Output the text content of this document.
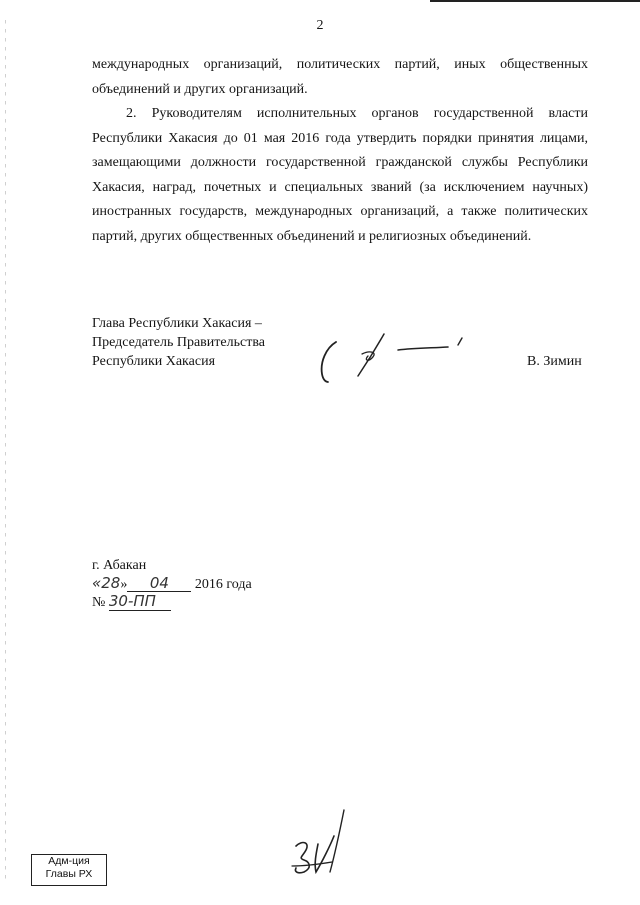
2

международных организаций, политических партий, иных общественных объединений и других организаций.

2. Руководителям исполнительных органов государственной власти Республики Хакасия до 01 мая 2016 года утвердить порядки принятия лицами, замещающими должности государственной гражданской службы Республики Хакасия, наград, почетных и специальных званий (за исключением научных) иностранных государств, международных организаций, а также политических партий, других общественных объединений и религиозных объединений.

Глава Республики Хакасия –
Председатель Правительства
Республики Хакасия	В. Зимин
г. Абакан
«28» 04 2016 года
№ 30-ПП
Адм-ция
Главы РХ
